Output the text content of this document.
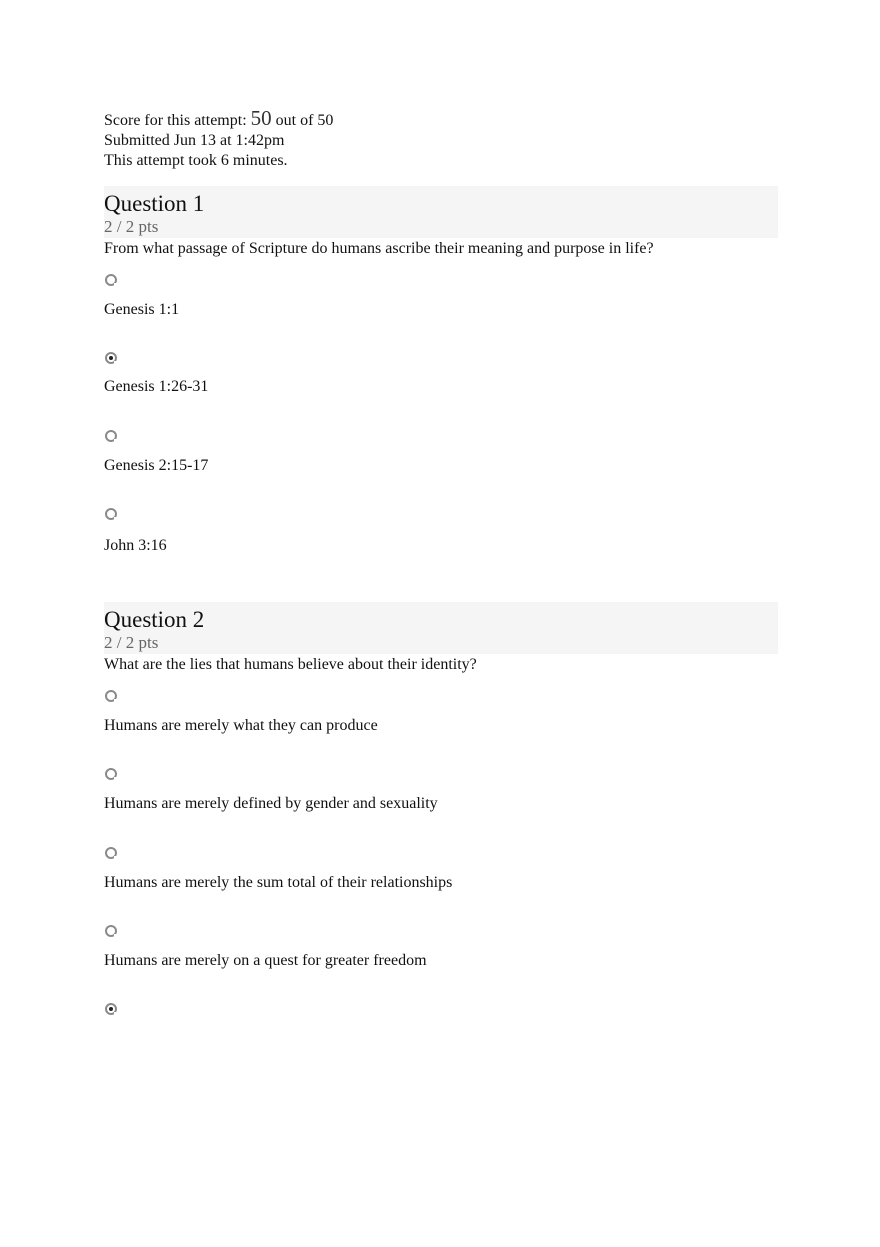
Score for this attempt: 50 out of 50
Submitted Jun 13 at 1:42pm
This attempt took 6 minutes.
Question 1
2 / 2 pts
From what passage of Scripture do humans ascribe their meaning and purpose in life?
Genesis 1:1
Genesis 1:26-31
Genesis 2:15-17
John 3:16
Question 2
2 / 2 pts
What are the lies that humans believe about their identity?
Humans are merely what they can produce
Humans are merely defined by gender and sexuality
Humans are merely the sum total of their relationships
Humans are merely on a quest for greater freedom
